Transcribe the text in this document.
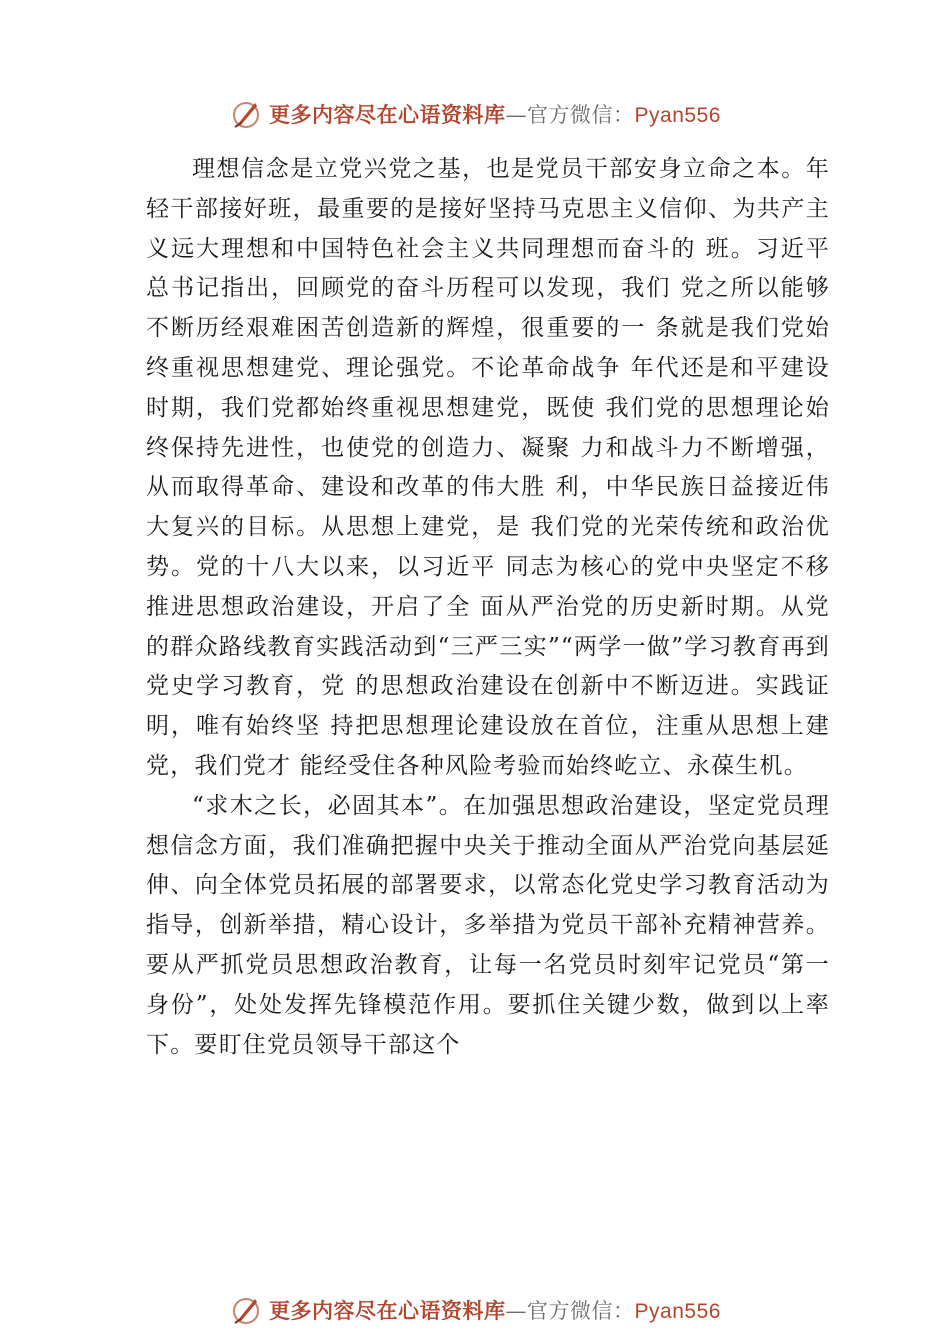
更多内容尽在心语资料库—官方微信：Pyan556

理想信念是立党兴党之基，也是党员干部安身立命之本。年轻干部接好班，最重要的是接好坚持马克思主义信仰、为共产主义远大理想和中国特色社会主义共同理想而奋斗的 班。习近平总书记指出，回顾党的奋斗历程可以发现，我们 党之所以能够不断历经艰难困苦创造新的辉煌，很重要的一 条就是我们党始终重视思想建党、理论强党。不论革命战争 年代还是和平建设时期，我们党都始终重视思想建党，既使 我们党的思想理论始终保持先进性，也使党的创造力、凝聚 力和战斗力不断增强，从而取得革命、建设和改革的伟大胜 利，中华民族日益接近伟大复兴的目标。从思想上建党，是 我们党的光荣传统和政治优势。党的十八大以来，以习近平 同志为核心的党中央坚定不移推进思想政治建设，开启了全 面从严治党的历史新时期。从党的群众路线教育实践活动到“三严三实”“两学一做”学习教育再到党史学习教育，党 的思想政治建设在创新中不断迈进。实践证明，唯有始终坚 持把思想理论建设放在首位，注重从思想上建党，我们党才 能经受住各种风险考验而始终屹立、永葆生机。

“求木之长，必固其本”。在加强思想政治建设，坚定党员理想信念方面，我们准确把握中央关于推动全面从严治党向基层延伸、向全体党员拓展的部署要求，以常态化党史学习教育活动为指导，创新举措，精心设计，多举措为党员干部补充精神营养。要从严抓党员思想政治教育，让每一名党员时刻牢记党员“第一身份”，处处发挥先锋模范作用。要抓住关键少数，做到以上率下。要盯住党员领导干部这个

更多内容尽在心语资料库—官方微信：Pyan556
